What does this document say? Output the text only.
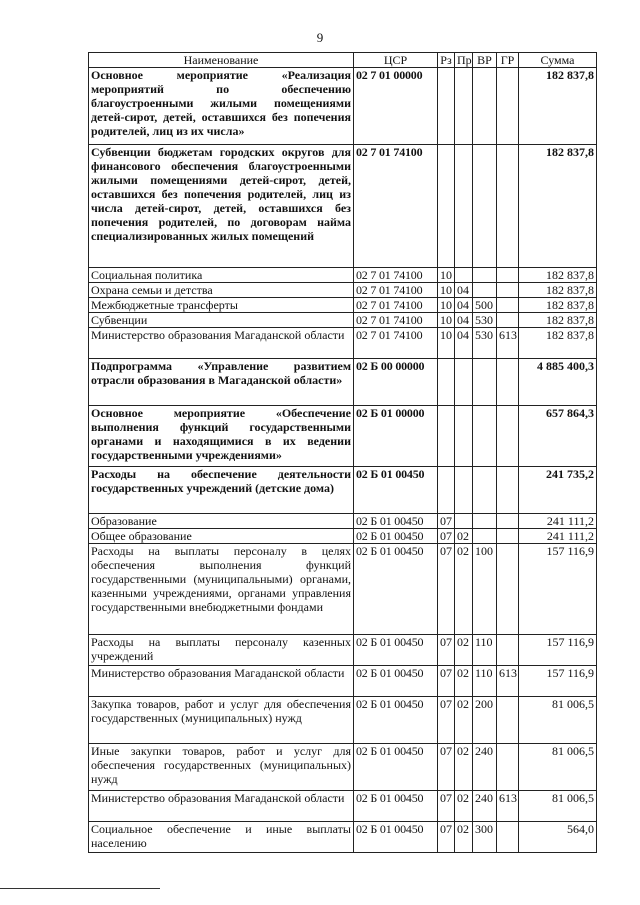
9
Наименование	ЦСР	Рз	Пр	ВР	ГР	Сумма
Основное мероприятие «Реализация мероприятий по обеспечению благоустроенными жилыми помещениями детей-сирот, детей, оставшихся без попечения родителей, лиц из их числа»	02 7 01 00000					182 837,8
Субвенции бюджетам городских округов для финансового обеспечения благоустроенными жилыми помещениями детей-сирот, детей, оставшихся без попечения родителей, лиц из числа детей-сирот, детей, оставшихся без попечения родителей, по договорам найма специализированных жилых помещений	02 7 01 74100					182 837,8
Социальная политика	02 7 01 74100	10				182 837,8
Охрана семьи и детства	02 7 01 74100	10	04			182 837,8
Межбюджетные трансферты	02 7 01 74100	10	04	500		182 837,8
Субвенции	02 7 01 74100	10	04	530		182 837,8
Министерство образования Магаданской области	02 7 01 74100	10	04	530	613	182 837,8
Подпрограмма «Управление развитием отрасли образования в Магаданской области»	02 Б 00 00000					4 885 400,3
Основное мероприятие «Обеспечение выполнения функций государственными органами и находящимися в их ведении государственными учреждениями»	02 Б 01 00000					657 864,3
Расходы на обеспечение деятельности государственных учреждений (детские дома)	02 Б 01 00450					241 735,2
Образование	02 Б 01 00450	07				241 111,2
Общее образование	02 Б 01 00450	07	02			241 111,2
Расходы на выплаты персоналу в целях обеспечения выполнения функций государственными (муниципальными) органами, казенными учреждениями, органами управления государственными внебюджетными фондами	02 Б 01 00450	07	02	100		157 116,9
Расходы на выплаты персоналу казенных учреждений	02 Б 01 00450	07	02	110		157 116,9
Министерство образования Магаданской области	02 Б 01 00450	07	02	110	613	157 116,9
Закупка товаров, работ и услуг для обеспечения государственных (муниципальных) нужд	02 Б 01 00450	07	02	200		81 006,5
Иные закупки товаров, работ и услуг для обеспечения государственных (муниципальных) нужд	02 Б 01 00450	07	02	240		81 006,5
Министерство образования Магаданской области	02 Б 01 00450	07	02	240	613	81 006,5
Социальное обеспечение и иные выплаты населению	02 Б 01 00450	07	02	300		564,0
